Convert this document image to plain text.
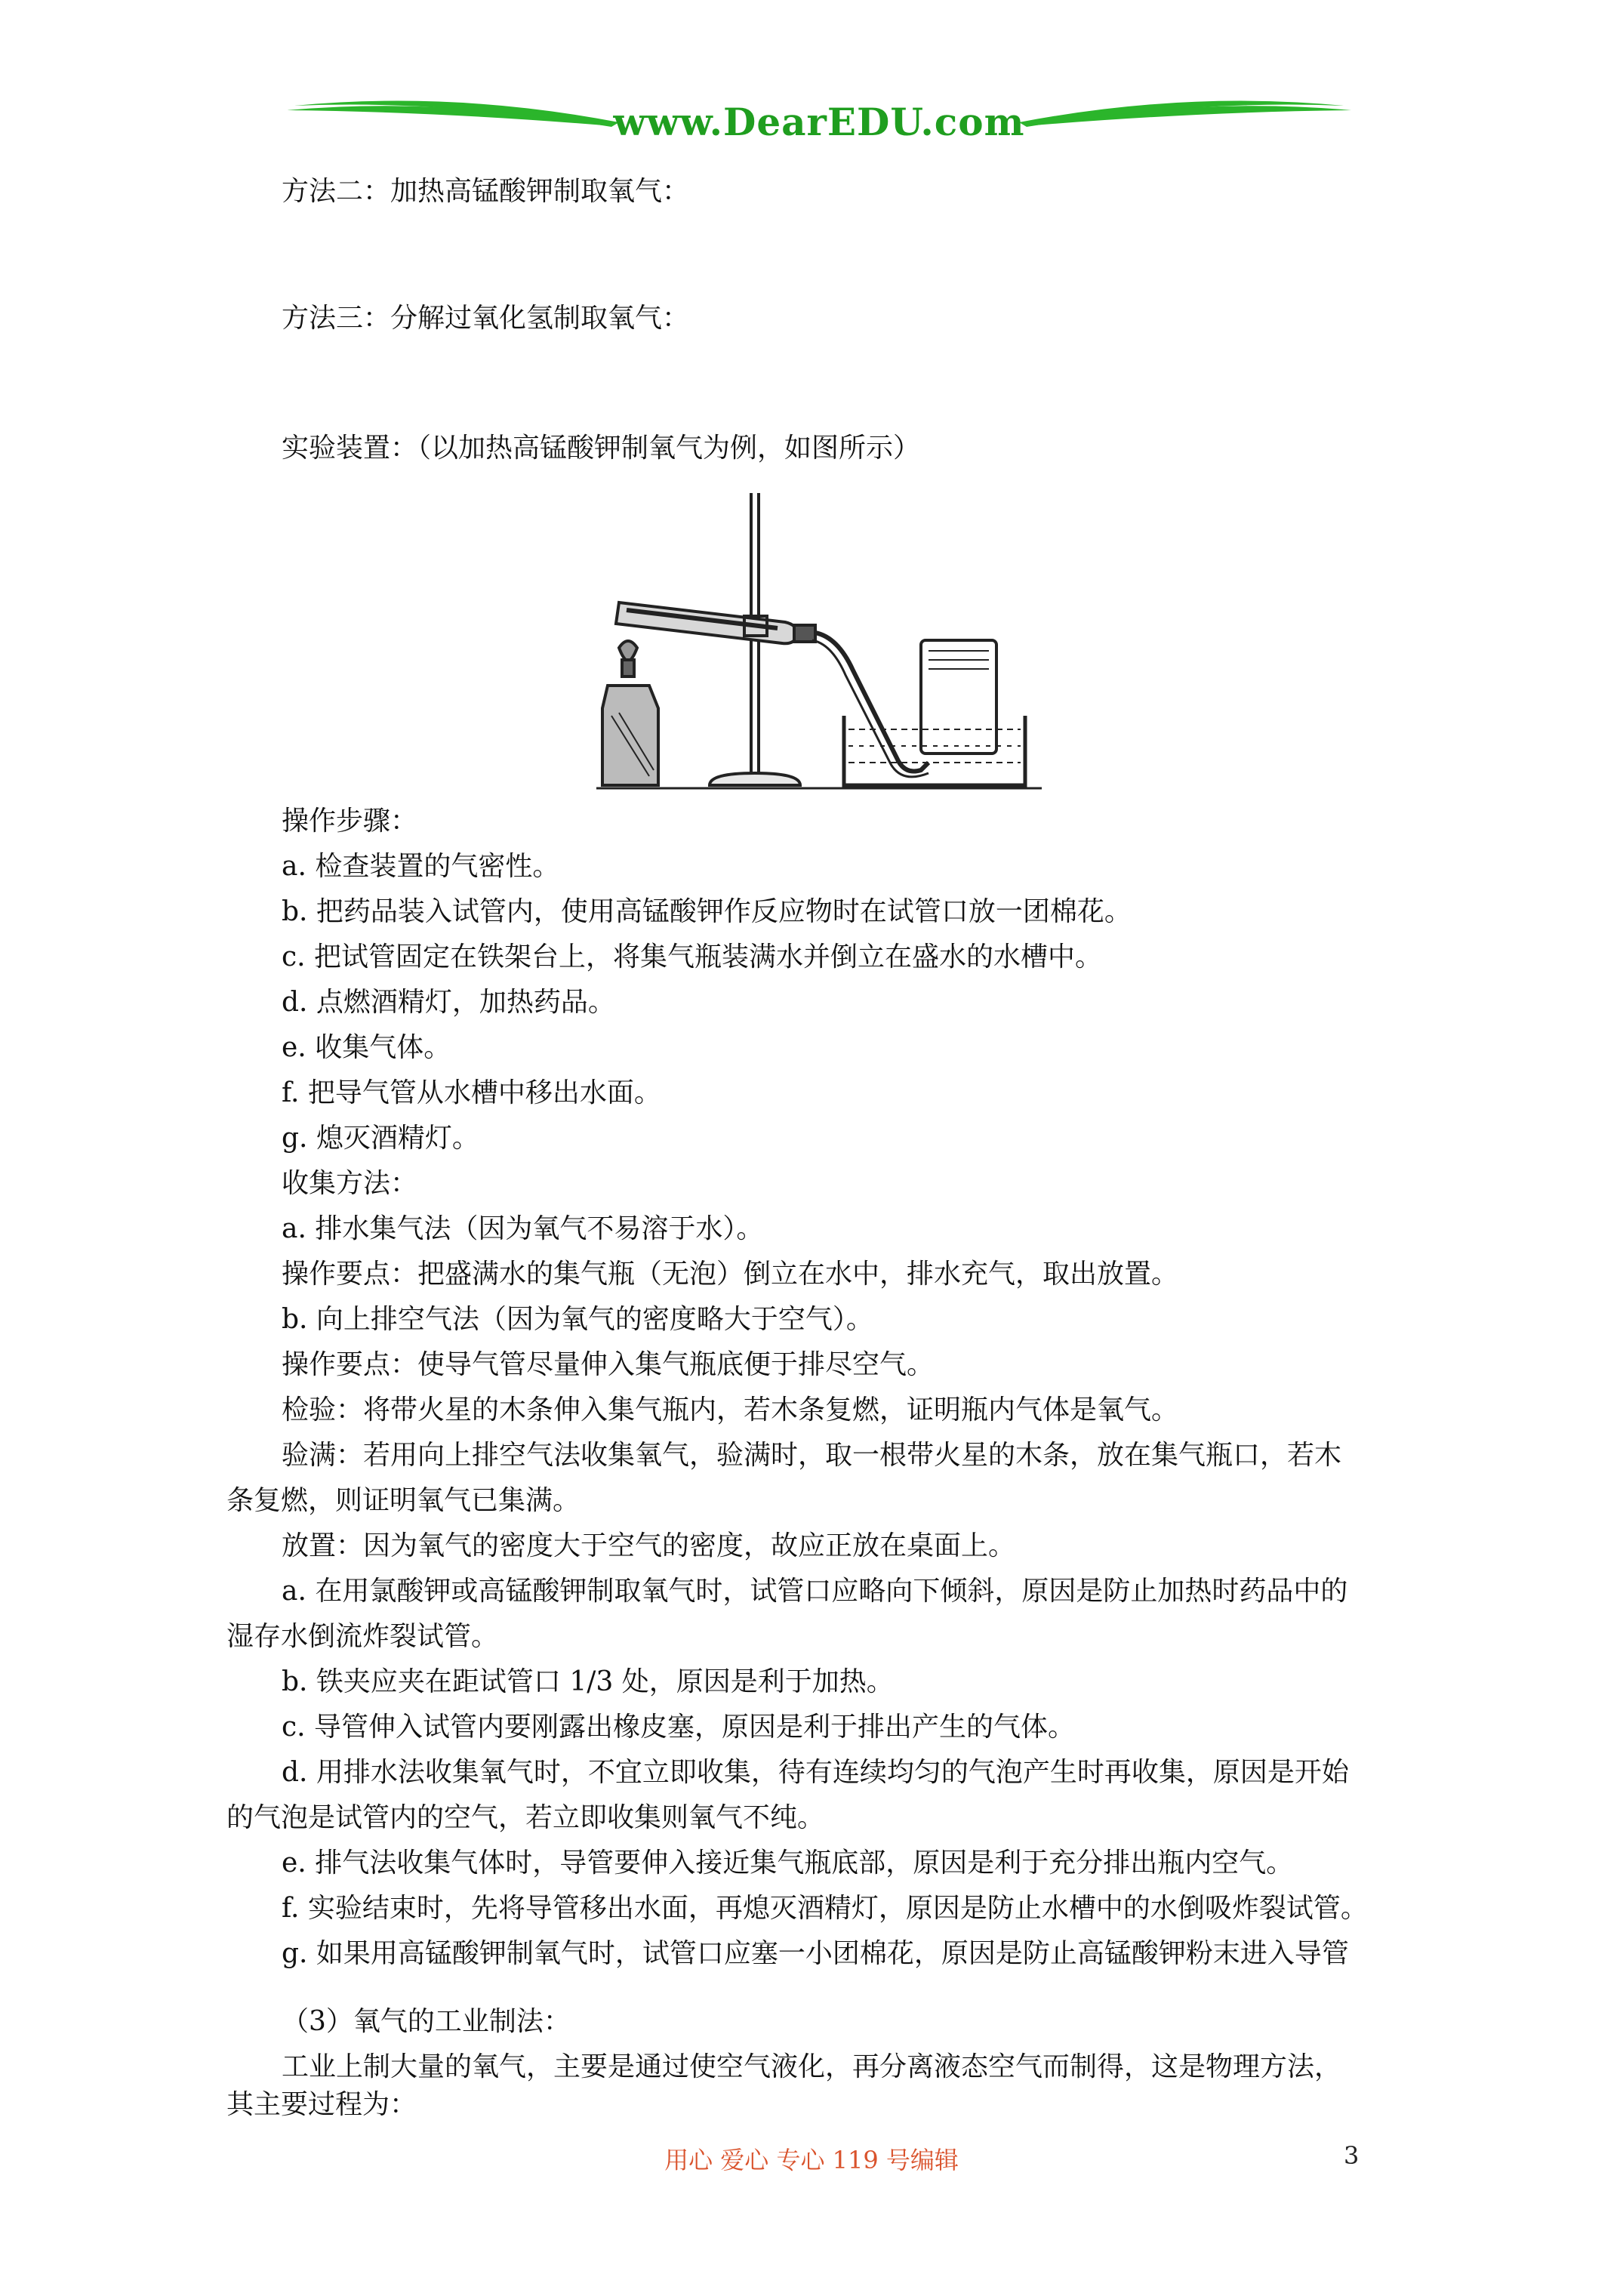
www.DearEDU.com
方法二：加热高锰酸钾制取氧气：
方法三：分解过氧化氢制取氧气：
实验装置：（以加热高锰酸钾制氧气为例，如图所示）
操作步骤：
a. 检查装置的气密性。
b. 把药品装入试管内，使用高锰酸钾作反应物时在试管口放一团棉花。
c. 把试管固定在铁架台上，将集气瓶装满水并倒立在盛水的水槽中。
d. 点燃酒精灯，加热药品。
e. 收集气体。
f. 把导气管从水槽中移出水面。
g. 熄灭酒精灯。
收集方法：
a. 排水集气法（因为氧气不易溶于水）。
操作要点：把盛满水的集气瓶（无泡）倒立在水中，排水充气，取出放置。
b. 向上排空气法（因为氧气的密度略大于空气）。
操作要点：使导气管尽量伸入集气瓶底便于排尽空气。
检验：将带火星的木条伸入集气瓶内，若木条复燃，证明瓶内气体是氧气。
验满：若用向上排空气法收集氧气，验满时，取一根带火星的木条，放在集气瓶口，若木
条复燃，则证明氧气已集满。
放置：因为氧气的密度大于空气的密度，故应正放在桌面上。
a. 在用氯酸钾或高锰酸钾制取氧气时，试管口应略向下倾斜，原因是防止加热时药品中的
湿存水倒流炸裂试管。
b. 铁夹应夹在距试管口 1/3 处，原因是利于加热。
c. 导管伸入试管内要刚露出橡皮塞，原因是利于排出产生的气体。
d. 用排水法收集氧气时，不宜立即收集，待有连续均匀的气泡产生时再收集，原因是开始
的气泡是试管内的空气，若立即收集则氧气不纯。
e. 排气法收集气体时，导管要伸入接近集气瓶底部，原因是利于充分排出瓶内空气。
f. 实验结束时，先将导管移出水面，再熄灭酒精灯，原因是防止水槽中的水倒吸炸裂试管。
g. 如果用高锰酸钾制氧气时，试管口应塞一小团棉花，原因是防止高锰酸钾粉末进入导管
（3）氧气的工业制法：
工业上制大量的氧气，主要是通过使空气液化，再分离液态空气而制得，这是物理方法，
其主要过程为：
用心 爱心 专心 119 号编辑	3
